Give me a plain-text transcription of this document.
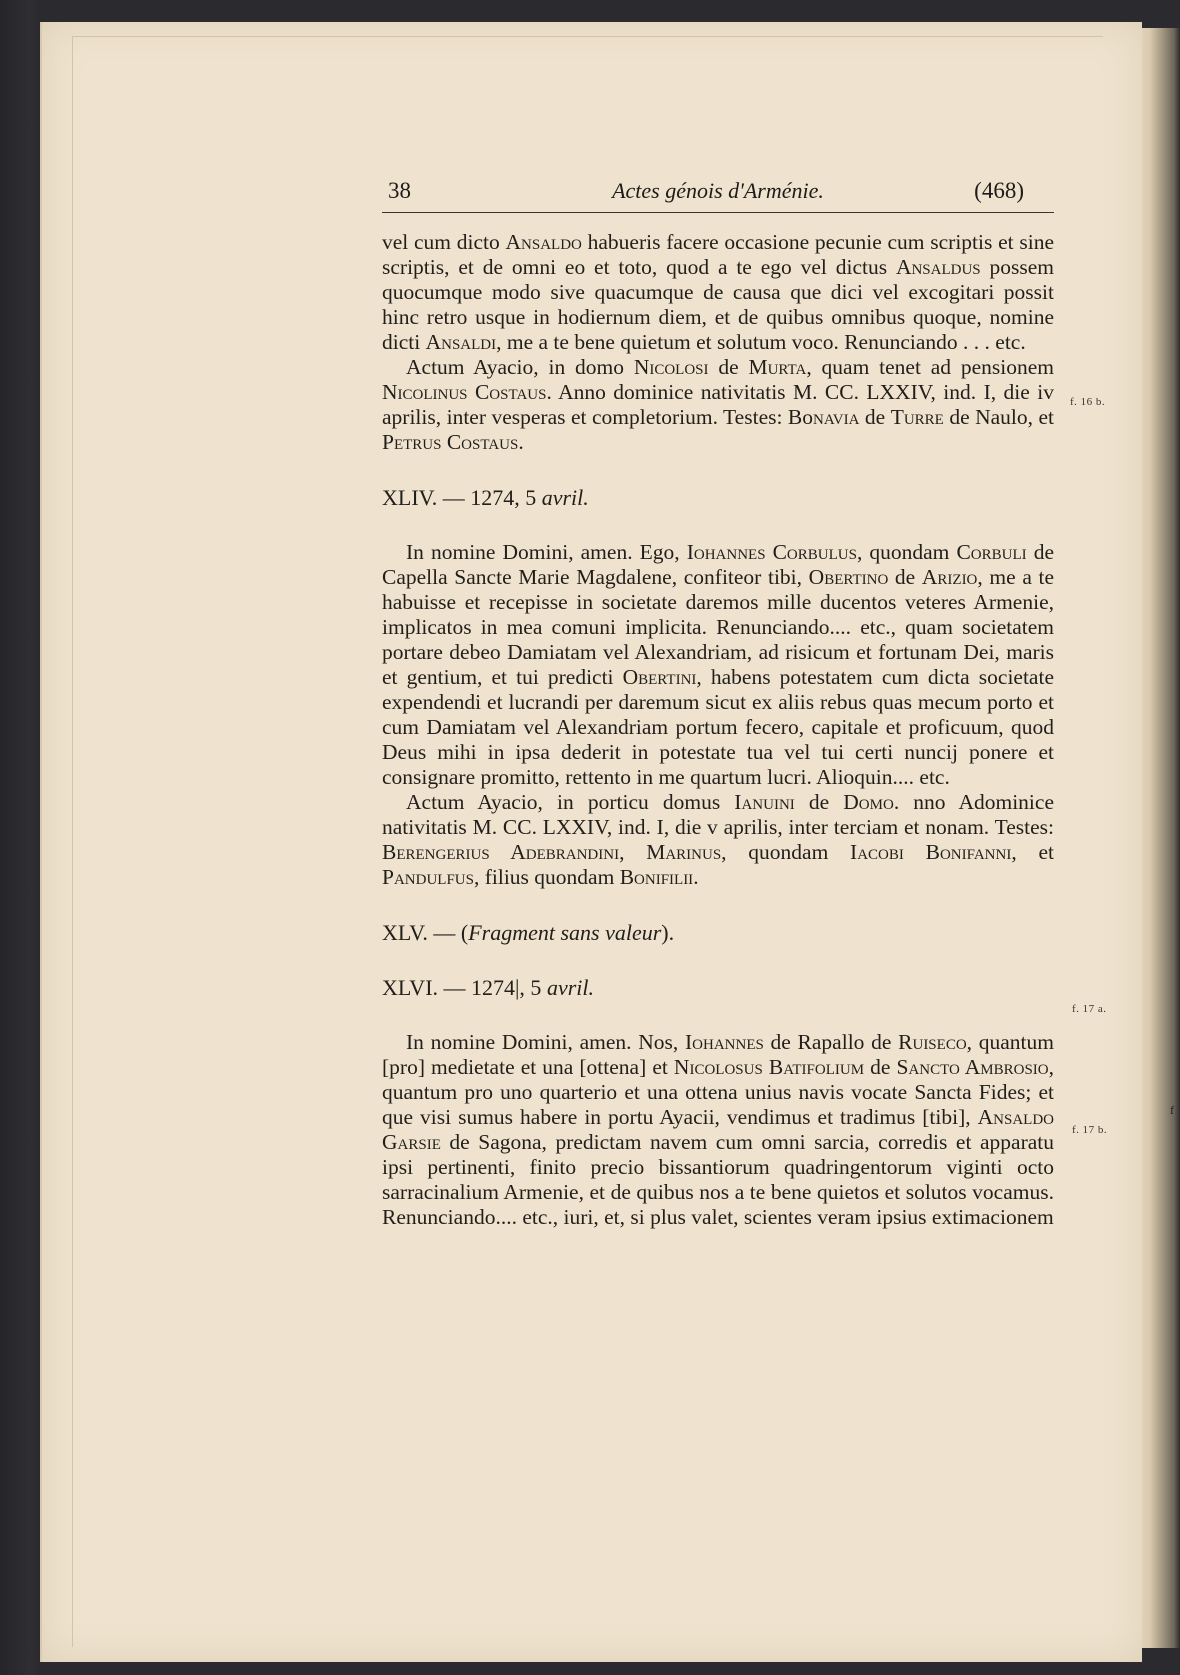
38	Actes génois d'Arménie.	(468)

vel cum dicto Ansaldo habueris facere occasione pecunie cum scriptis et sine scriptis, et de omni eo et toto, quod a te ego vel dictus Ansaldus possem quocumque modo sive quacumque de causa que dici vel excogitari possit hinc retro usque in hodiernum diem, et de quibus omnibus quoque, nomine dicti Ansaldi, me a te bene quietum et solutum voco. Renunciando . . . etc.

Actum Ayacio, in domo Nicolosi de Murta, quam tenet ad pensionem Nicolinus Costaus. Anno dominice nativitatis M. CC. LXXIV, ind. I, die iv aprilis, inter vesperas et completorium. Testes: Bonavia de Turre de Naulo, et Petrus Costaus.

XLIV. — 1274, 5 avril.

In nomine Domini, amen. Ego, Iohannes Corbulus, quondam Corbuli de Capella Sancte Marie Magdalene, confiteor tibi, Obertino de Arizio, me a te habuisse et recepisse in societate daremos mille ducentos veteres Armenie, implicatos in mea comuni implicita. Renunciando.... etc., quam societatem portare debeo Damiatam vel Alexandriam, ad risicum et fortunam Dei, maris et gentium, et tui predicti Obertini, habens potestatem cum dicta societate expendendi et lucrandi per daremum sicut ex aliis rebus quas mecum porto et cum Damiatam vel Alexandriam portum fecero, capitale et proficuum, quod Deus mihi in ipsa dederit in potestate tua vel tui certi nuncij ponere et consignare promitto, rettento in me quartum lucri. Alioquin.... etc.

Actum Ayacio, in porticu domus Ianuini de Domo. nno Adominice nativitatis M. CC. LXXIV, ind. I, die v aprilis, inter terciam et nonam. Testes: Berengerius Adebrandini, Marinus, quondam Iacobi Bonifanni, et Pandulfus, filius quondam Bonifilii.

XLV. — (Fragment sans valeur).

XLVI. — 1274|, 5 avril.

In nomine Domini, amen. Nos, Iohannes de Rapallo de Ruiseco, quantum [pro] medietate et una [ottena] et Nicolosus Batifolium de Sancto Ambrosio, quantum pro uno quarterio et una ottena unius navis vocate Sancta Fides; et que visi sumus habere in portu Ayacii, vendimus et tradimus [tibi], Ansaldo Garsie de Sagona, predictam navem cum omni sarcia, corredis et apparatu ipsi pertinenti, finito precio bissantiorum quadringentorum viginti octo sarracinalium Armenie, et de quibus nos a te bene quietos et solutos vocamus. Renunciando.... etc., iuri, et, si plus valet, scientes veram ipsius extimacionem

f. 16 b.
f. 17 a.
f. 17 b.
f
